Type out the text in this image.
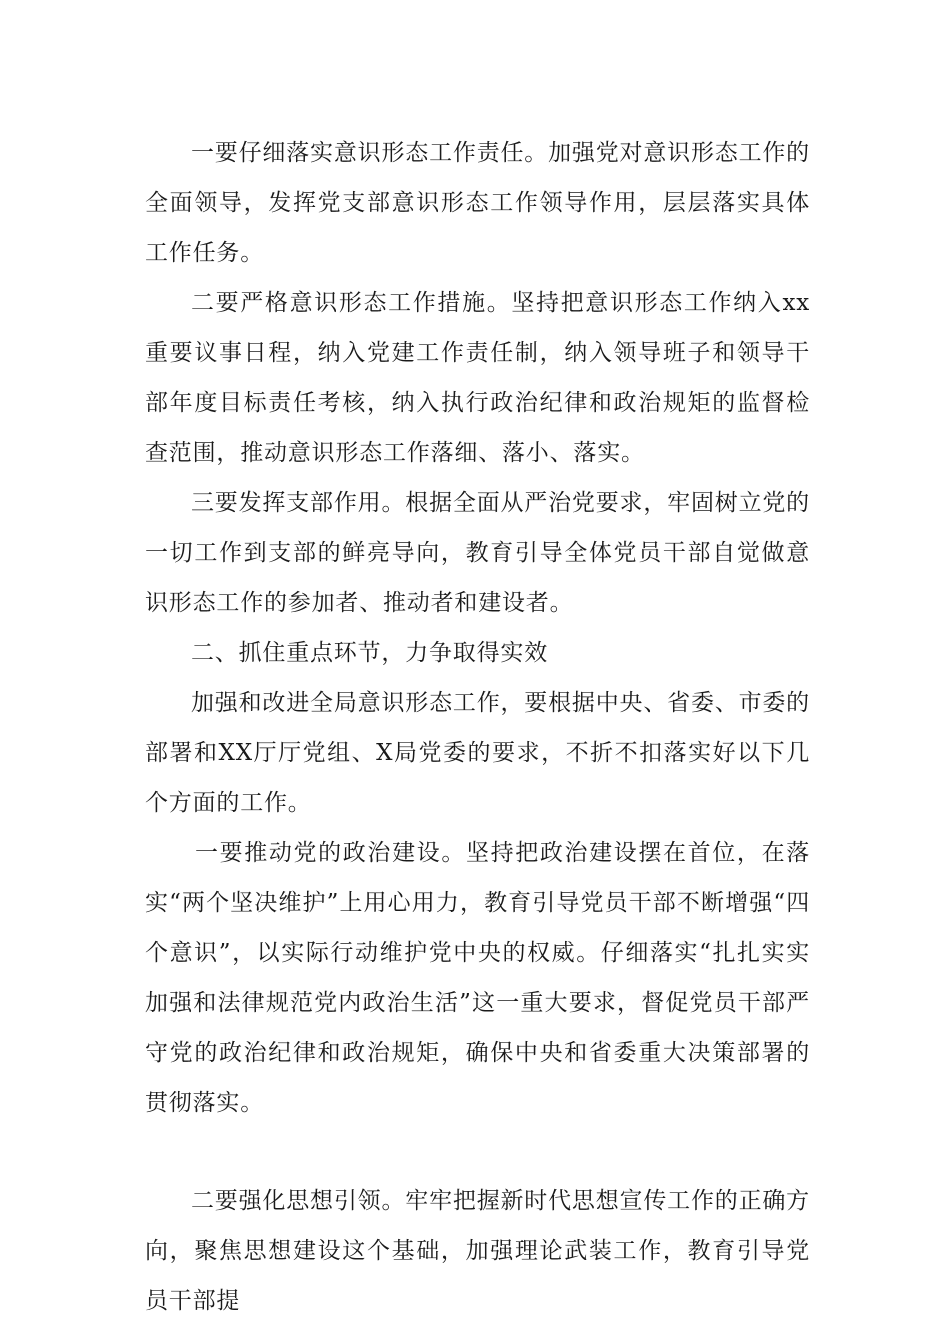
一要仔细落实意识形态工作责任。加强党对意识形态工作的全面领导，发挥党支部意识形态工作领导作用，层层落实具体工作任务。

二要严格意识形态工作措施。坚持把意识形态工作纳入xx重要议事日程，纳入党建工作责任制，纳入领导班子和领导干部年度目标责任考核，纳入执行政治纪律和政治规矩的监督检查范围，推动意识形态工作落细、落小、落实。

三要发挥支部作用。根据全面从严治党要求，牢固树立党的一切工作到支部的鲜亮导向，教育引导全体党员干部自觉做意识形态工作的参加者、推动者和建设者。

二、抓住重点环节，力争取得实效

加强和改进全局意识形态工作，要根据中央、省委、市委的部署和XX厅厅党组、X局党委的要求，不折不扣落实好以下几个方面的工作。

一要推动党的政治建设。坚持把政治建设摆在首位，在落实“两个坚决维护”上用心用力，教育引导党员干部不断增强“四个意识”，以实际行动维护党中央的权威。仔细落实“扎扎实实加强和法律规范党内政治生活”这一重大要求，督促党员干部严守党的政治纪律和政治规矩，确保中央和省委重大决策部署的贯彻落实。

二要强化思想引领。牢牢把握新时代思想宣传工作的正确方向，聚焦思想建设这个基础，加强理论武装工作，教育引导党员干部提
